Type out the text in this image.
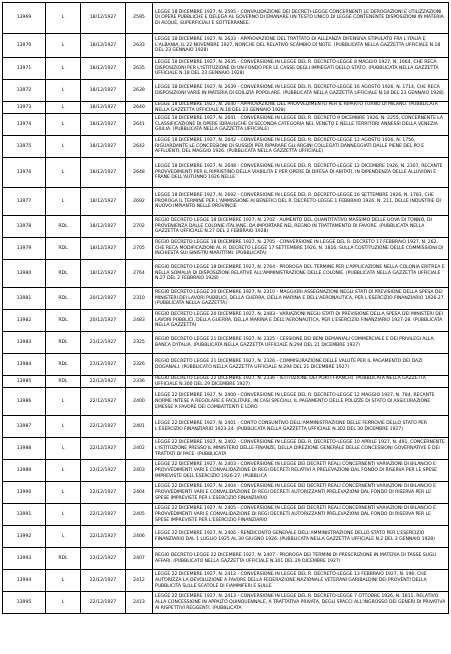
13969	L	18/12/1927	2595	LEGGE 18 DICEMBRE 1927, N. 2595 - CONVALIDAZIONE DEI DECRETI-LEGGE CONCERNENTI LE DEROGAZIONI E UTILIZZAZIONI DI OPERE PUBBLICHE E DELEGA AL GOVERNO DI EMANARE UN TESTO UNICO DI LEGGE CONTENENTE DISPOSIZIONI IN MATERIA DI ACQUE, SUPERFICIALI E SOTTERRANEE.
13970	L	18/12/1927	2633	LEGGE 18 DICEMBRE 1927, N. 2633 - APPROVAZIONE DEL TRATTATO DI ALLEANZA DIFENSIVA STIPULATO FRA L'ITALIA E L'ALBANIA, IL 22 NOVEMBRE 1927, NONCHE DEL RELATIVO SCAMBIO DI NOTE. (PUBBLICATA NELLA GAZZETTA UFFICIALE N.18 DEL 23 GENNAIO 1928)
13971	L	18/12/1927	2635	LEGGE 18 DICEMBRE 1927, N. 2635 - CONVERSIONE IN LEGGE DEL R. DECRETO-LEGGE 8 MAGGIO 1927, N. 1664, CHE RECA DISPOSIZIONI PER L'ISTITUZIONE DI UN FONDO PER LE CASSE DEGLI IMPIEGATI DELLO STATO. (PUBBLICATA NELLA GAZZETTA UFFICIALE N.18 DEL 23 GENNAIO 1928)
13972	L	18/12/1927	2639	LEGGE 18 DICEMBRE 1927, N. 2639 - CONVERSIONE IN LEGGE DEL R. DECRETO-LEGGE 16 AGOSTO 1926, N. 1714, CHE RECA DISPOSIZIONI VARIE IN MATERIA DI EDILIZIA POPOLARE. (PUBBLICATA NELLA GAZZETTA UFFICIALE N.18 DEL 23 GENNAIO 1928)
13973	L	18/12/1927	2640	LEGGE 18 DICEMBRE 1927, N. 2640 - APPROVAZIONE DEL PROVVEDIMENTO PER IL RIPARTO TURNO DI MILANO. (PUBBLICATA NELLA GAZZETTA UFFICIALE N.18 DEL 23 GENNAIO 1928)
13974	L	18/12/1927	2641	LEGGE 18 DICEMBRE 1927, N. 2641 - CONVERSIONE IN LEGGE DEL R. DECRETO 9 DICEMBRE 1926, N. 2255, CONCERNENTE LA CLASSIFICAZIONE DI OPERE IDRAULICHE DI SECONDA CATEGORIA NEL VENETO E NELLE TERRITORI ANNESSI DELLA VENEZIA GIULIA. (PUBBLICATA NELLA GAZZETTA UFFICIALE)
13975	L	18/12/1927	2642	LEGGE 18 DICEMBRE 1927, N. 2642 - CONVERSIONE IN LEGGE DEL R. DECRETO-LEGGE 12 AGOSTO 1926, N. 1756, RIGUARDANTE LE CONCESSIONI DI SUSSIDI PER RIPARARE GLI ARGINI COLLEGATI DANNEGGIATI DALLE PIENE DEL PO E AFFLUENTI, DEL MAGGIO 1926. (PUBBLICATA NELLA GAZZETTA UFFICIALE)
13976	L	18/12/1927	2648	LEGGE 18 DICEMBRE 1927, N. 2648 - CONVERSIONE IN LEGGE DEL R. DECRETO-LEGGE 12 DICEMBRE 1926, N. 2307, RECANTE PROVVEDIMENTI PER IL RIPRISTINO DELLA VIABILITA E PER OPERE DI DIFESA DI ABITATI, IN DIPENDENZA DELLE ALLUVIONI E FRANE DELL'AUTUNNO 1926 NELLE
13977	L	18/12/1927	2692	LEGGE 18 DICEMBRE 1927, N. 2692 - CONVERSIONE IN LEGGE DEL R. DECRETO-LEGGE 16 SETTEMBRE 1926, N. 1783, CHE PROROGA IL TERMINE PER L'AMMISSIONE AI BENEFICI DEL R. DECRETO-LEGGE 1 FEBBRAIO 1926, N. 211, DELLE INDUSTRIE DI NUOVO IMPIANTO NELLE PROVINCIE
13978	RDL	18/12/1927	2702	REGIO DECRETO LEGGE 18 DICEMBRE 1927, N. 2702 - AUMENTO DEL QUANTITATIVO MASSIMO DELLE UOVA DI TONNO, DI PROVENIENZA DALLE COLONIE ITALIANE, DA IMPORTARE NEL REGNO IN TRATTAMENTO DI FAVORE. (PUBBLICATA NELLA GAZZETTA UFFICIALE N.27 DEL 2 FEBBRAIO 1928)
13979	RDL	18/12/1927	2705	REGIO DECRETO LEGGE 18 DICEMBRE 1927, N. 2705 - CONVERSIONE IN LEGGE DEL R. DECRETO 17 FEBBRAIO 1927, N. 262, CHE RECA MODIFICAZIONI AL R. DECRETO LEGGE 17 SETTEMBRE 1926, N. 1816, SULLA COSTITUZIONE DELLE COMMISSIONI DI INCHIESTA SUI SINISTRI MARITTIMI. (PUBBLICATA)
13980	RDL	18/12/1927	2764	REGIO DECRETO LEGGE 18 DICEMBRE 1927, N. 2764 - PROROGA DEL TERMINE PER L'APPLICAZIONE NELLA COLONIA ERITREA E NELLA SOMALIA DI DISPOSIZIONI RELATIVE ALL'AMMINISTRAZIONE DELLE COLONIE. (PUBBLICATA NELLA GAZZETTA UFFICIALE N.27 DEL 2 FEBBRAIO 1928)
13981	RDL	20/12/1927	2310	REGIO DECRETO LEGGE 20 DICEMBRE 1927, N. 2310 - MAGGIORI ASSEGNAZIONI NEGLI STATI DI PREVISIONE DELLA SPESA DEI MINISTERI DEI LAVORI PUBBLICI, DELLA GUERRA, DELLA MARINA E DELL'AERONAUTICA, PER L'ESERCIZIO FINANZIARIO 1926-27. (PUBBLICATA NELLA GAZZETTA)
13982	RDL	20/12/1927	2483	REGIO DECRETO LEGGE 20 DICEMBRE 1927, N. 2483 - VARIAZIONI NEGLI STATI DI PREVISIONE DELLA SPESA DEI MINISTERI DEI LAVORI PUBBLICI, DELLA GUERRA, DELLA MARINA E DELL'AERONAUTICA, PER L'ESERCIZIO FINANZIARIO 1927-28. (PUBBLICATA NELLA GAZZETTA)
13983	RDL	21/12/1927	2325	REGIO DECRETO LEGGE 21 DICEMBRE 1927, N. 2325 - CESSIONE DEI BENI DEMANIALI COMMERCIALE E DEI PRIVILEGI ALLA BANCA D'ITALIA. (PUBBLICATA NELLA GAZZETTA UFFICIALE N.294 DEL 21 DICEMBRE 1927)
13984	RDL	21/12/1927	2326	REGIO DECRETO LEGGE 21 DICEMBRE 1927, N. 2326 - COMMISURAZIONE DELLE VALUTE PER IL PAGAMENTO DEI DAZI DOGANALI. (PUBBLICATO NELLA GAZZETTA UFFICIALE N.294 DEL 21 DICEMBRE 1927)
13985	RDL	22/12/1927	2336	REGIO DECRETO LEGGE 22 DICEMBRE 1927, N. 2336 - ISTITUZIONE DEI PORTI FRANCHI. (PUBBLICATA NELLA GAZZETTA UFFICIALE N.300 DEL 29 DICEMBRE 1927)
13986	L	22/12/1927	2400	LEGGE 22 DICEMBRE 1927, N. 2400 - CONVERSIONE IN LEGGE DEL R. DECRETO-LEGGE 12 MAGGIO 1927, N. 784, RECANTE NORME INTESE A REGOLARE E FACILITARE, IN CASI SPECIALI, IL PAGAMENTO DELLE POLIZZE DI STATO DI ASSICURAZIONE EMESSE A FAVORE DEI COMBATTENTI E LORO
13987	L	22/12/1927	2401	LEGGE 22 DICEMBRE 1927, N. 2401 - CONTO CONSUNTIVO DELL'AMMINISTRAZIONE DELLE FERROVIE DELLO STATO PER L'ESERCIZIO FINANZIARIO 1923-24. (PUBBLICATA NELLA GAZZETTA UFFICIALE N.302 DEL 30 DICEMBRE 1927)
13988	L	22/12/1927	2402	LEGGE 22 DICEMBRE 1927, N. 2402 - CONVERSIONE IN LEGGE DEL R. DECRETO-LEGGE 10 APRILE 1927, N. 491, CONCERNENTE L'ISTITUZIONE PRESSO IL MINISTERO DELLE FINANZE, DELLA DIREZIONE GENERALE DELLE CONCESSIONI GOVERNATIVE E DEI TRATTATI DI PACE. (PUBBLICATA
13989	L	22/12/1927	2403	LEGGE 22 DICEMBRE 1927, N. 2403 - CONVERSIONE IN LEGGE DEI DECRETI REALI CONCERNENTI VARIAZIONI DI BILANCIO E PROVVEDIMENTI VARI E CONVALIDAZIONE DI REGI DECRETI RELATIVI A PRELEVAZIONI DAL FONDO DI RISERVA PER LE SPESE IMPREVISTE DELL'ESERCIZIO 1926-27. (PUBBLICA
13990	L	22/12/1927	2404	LEGGE 22 DICEMBRE 1927, N. 2404 - CONVERSIONE IN LEGGE DEI DECRETI REALI CONCERNENTI VARIAZIONI DI BILANCIO E PROVVEDIMENTI VARI E CONVALIDAZIONE DI REGI DECRETI AUTORIZZANTI PRELEVAZIONI DAL FONDO DI RISERVA PER LE SPESE IMPREVISTE PER L'ESERCIZIO FINANZIARIO
13991	L	22/12/1927	2405	LEGGE 22 DICEMBRE 1927, N. 2405 - CONVERSIONE IN LEGGE DEI DECRETI REALI CONCERNENTI VARIAZIONI DI BILANCIO E PROVVEDIMENTI VARI E CONVALIDAZIONE DI REGI DECRETI AUTORIZZANTI PRELEVAZIONI DAL FONDO DI RISERVA PER LE SPESE IMPREVISTE PER L'ESERCIZIO FINANZIARIO
13992	L	22/12/1927	2406	LEGGE 22 DICEMBRE 1927, N. 2406 - RENDICONTO GENERALE DELL'AMMINISTRAZIONE DELLO STATO PER L'ESERCIZIO FINANZIARIO DAL 1 LUGLIO 1925 AL 30 GIUGNO 1926. (PUBBLICATA NELLA GAZZETTA UFFICIALE N.2 DEL 3 GENNAIO 1928)
13993	RDL	22/12/1927	2407	REGIO DECRETO LEGGE 22 DICEMBRE 1927, N. 2407 - PROROGA DEI TERMINI DI PRESCRIZIONE IN MATERIA DI TASSE SUGLI AFFARI. (PUBBLICATO NELLA GAZZETTA UFFICIALE N.301 DEL 29 DICEMBRE 1927)
13994	L	22/12/1927	2412	LEGGE 22 DICEMBRE 1927, N. 2412 - CONVERSIONE IN LEGGE DEL R. DECRETO-LEGGE 13 FEBBRAIO 1927, N. 196, CHE AUTORIZZA LA DEVOLUZIONE A FAVORE DELLA FEDERAZIONE NAZIONALE VETERANI GARIBALDINI DEI PROVENTI DELLA PUBBLICITA SULLE SCATOLE DI FIAMMIFERI E SULLE
13995	L	22/12/1927	2413	LEGGE 22 DICEMBRE 1927, N. 2413 - CONVERSIONE IN LEGGE DEL R. DECRETO-LEGGE 7 OTTOBRE 1926, N. 1811, RELATIVO ALLA CONCESSIONE IN APPALTO QUINQUENNALE, A TRATTATIVA PRIVATA, DEGLI SPACCI ALL'INGROSSO DEI GENERI DI PRIVATIVA AI RISPETTIVI REGGENTI. (PUBBLICATA
